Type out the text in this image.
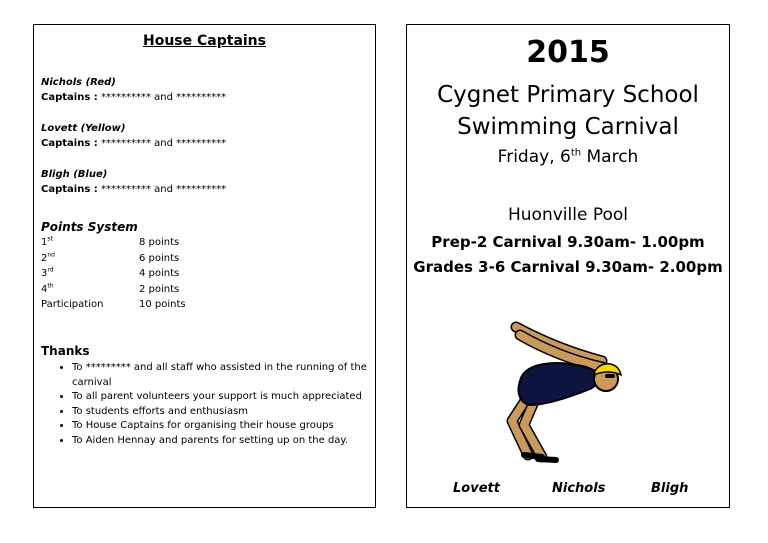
House Captains
Nichols (Red)
Captains : ********** and **********
Lovett (Yellow)
Captains : ********** and **********
Bligh (Blue)
Captains : ********** and **********
Points System
1st	8 points
2nd	6 points
3rd	4 points
4th	2 points
Participation	10 points
Thanks
• To ********* and all staff who assisted in the running of the carnival
• To all parent volunteers your support is much appreciated
• To students efforts and enthusiasm
• To House Captains for organising their house groups
• To Aiden Hennay and parents for setting up on the day.
2015
Cygnet Primary School
Swimming Carnival
Friday, 6th March
Huonville Pool
Prep-2 Carnival 9.30am- 1.00pm
Grades 3-6 Carnival 9.30am- 2.00pm
Lovett	Nichols	Bligh
